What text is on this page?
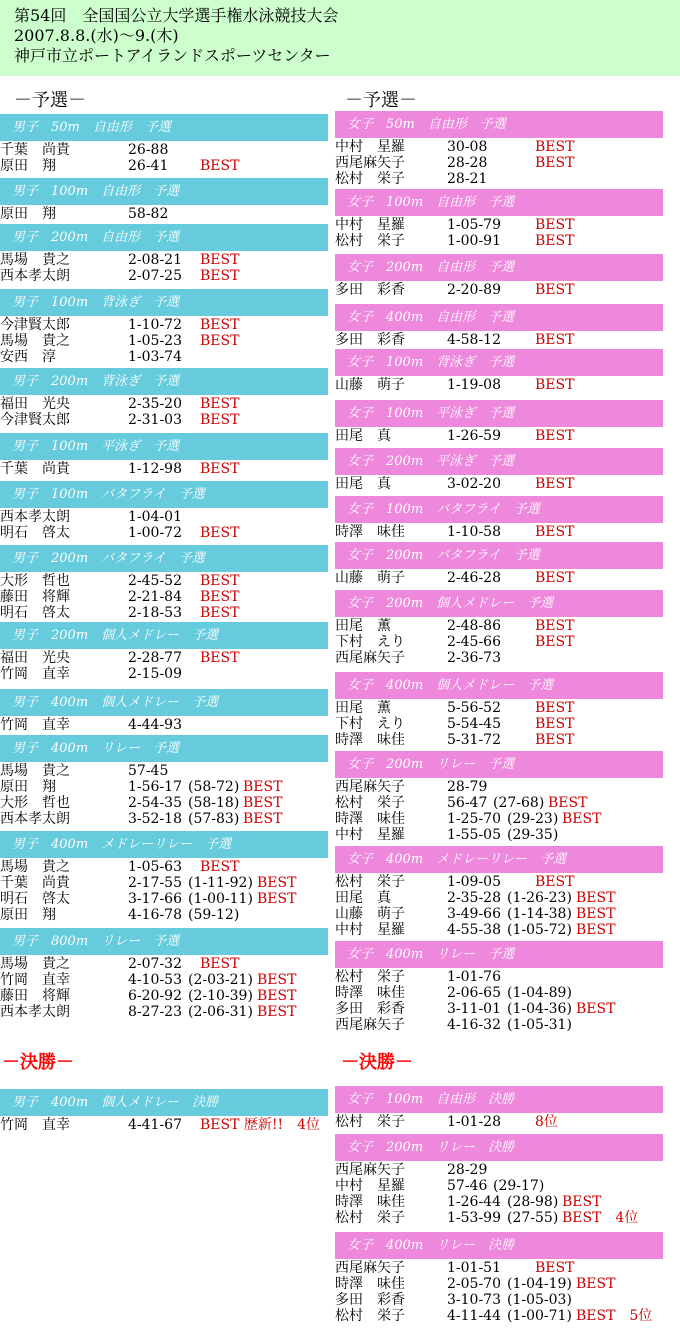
第54回　全国国公立大学選手権水泳競技大会
2007.8.8.(水)～9.(木)
神戸市立ポートアイランドスポーツセンター
－予選－
－決勝－
男子　50m　自由形　予選
千葉　尚貴	26-88
原田　翔	26-41 BEST
男子　100m　自由形　予選
原田　翔	58-82
男子　200m　自由形　予選
馬場　貴之	2-08-21 BEST
西本孝太朗	2-07-25 BEST
男子　100m　背泳ぎ　予選
今津賢太郎	1-10-72 BEST
馬場　貴之	1-05-23 BEST
安西　淳	1-03-74
男子　200m　背泳ぎ　予選
福田　光央	2-35-20 BEST
今津賢太郎	2-31-03 BEST
男子　100m　平泳ぎ　予選
千葉　尚貴	1-12-98 BEST
男子　100m　バタフライ　予選
西本孝太朗	1-04-01
明石　啓太	1-00-72 BEST
男子　200m　バタフライ　予選
大形　哲也	2-45-52 BEST
藤田　将輝	2-21-84 BEST
明石　啓太	2-18-53 BEST
男子　200m　個人メドレー　予選
福田　光央	2-28-77 BEST
竹岡　直幸	2-15-09
男子　400m　個人メドレー　予選
竹岡　直幸	4-44-93
男子　400m　リレー　予選
馬場　貴之	57-45
原田　翔	1-56-17 (58-72) BEST
大形　哲也	2-54-35 (58-18) BEST
西本孝太朗	3-52-18 (57-83) BEST
男子　400m　メドレーリレー　予選
馬場　貴之	1-05-63 BEST
千葉　尚貴	2-17-55 (1-11-92) BEST
明石　啓太	3-17-66 (1-00-11) BEST
原田　翔	4-16-78 (59-12)
男子　800m　リレー　予選
馬場　貴之	2-07-32 BEST
竹岡　直幸	4-10-53 (2-03-21) BEST
藤田　将輝	6-20-92 (2-10-39) BEST
西本孝太朗	8-27-23 (2-06-31) BEST
男子　400m　個人メドレー　決勝
竹岡　直幸	4-41-67 BEST 歴新!!　4位
－予選－
－決勝－
女子　50m　自由形　予選
中村　星羅	30-08	BEST
西尾麻矢子	28-28	BEST
松村　栄子	28-21
女子　100m　自由形　予選
中村　星羅	1-05-79 BEST
松村　栄子	1-00-91 BEST
女子　200m　自由形　予選
多田　彩香	2-20-89 BEST
女子　400m　自由形　予選
多田　彩香	4-58-12 BEST
女子　100m　背泳ぎ　予選
山藤　萌子	1-19-08 BEST
女子　100m　平泳ぎ　予選
田尾　真	1-26-59 BEST
女子　200m　平泳ぎ　予選
田尾　真	3-02-20 BEST
女子　100m　バタフライ　予選
時澤　味佳	1-10-58 BEST
女子　200m　バタフライ　予選
山藤　萌子	2-46-28 BEST
女子　200m　個人メドレー　予選
田尾　薫	2-48-86 BEST
下村　えり	2-45-66 BEST
西尾麻矢子	2-36-73
女子　400m　個人メドレー　予選
田尾　薫	5-56-52 BEST
下村　えり	5-54-45 BEST
時澤　味佳	5-31-72 BEST
女子　200m　リレー　予選
西尾麻矢子	28-79
松村　栄子	56-47 (27-68) BEST
時澤　味佳	1-25-70 (29-23) BEST
中村　星羅	1-55-05 (29-35)
女子　400m　メドレーリレー　予選
松村　栄子	1-09-05 BEST
田尾　真	2-35-28 (1-26-23) BEST
山藤　萌子	3-49-66 (1-14-38) BEST
中村　星羅	4-55-38 (1-05-72) BEST
女子　400m　リレー　予選
松村　栄子	1-01-76
時澤　味佳	2-06-65 (1-04-89)
多田　彩香	3-11-01 (1-04-36) BEST
西尾麻矢子	4-16-32 (1-05-31)
女子　100m　自由形　決勝
松村　栄子	1-01-28 8位
女子　200m　リレー　決勝
西尾麻矢子	28-29
中村　星羅	57-46 (29-17)
時澤　味佳	1-26-44 (28-98) BEST
松村　栄子	1-53-99 (27-55) BEST　4位
女子　400m　リレー　決勝
西尾麻矢子	1-01-51 BEST
時澤　味佳	2-05-70 (1-04-19) BEST
多田　彩香	3-10-73 (1-05-03)
松村　栄子	4-11-44 (1-00-71) BEST　5位
